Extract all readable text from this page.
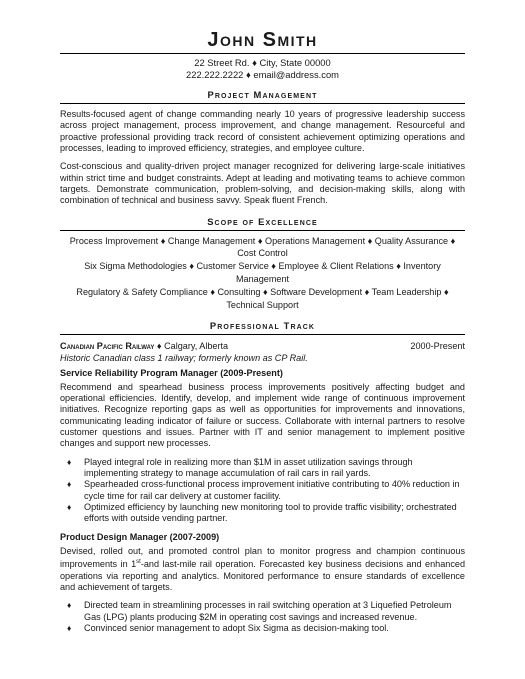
John Smith
22 Street Rd. ♦ City, State 00000
222.222.2222 ♦ email@address.com
Project Management

Results-focused agent of change commanding nearly 10 years of progressive leadership success across project management, process improvement, and change management. Resourceful and proactive professional providing track record of consistent achievement optimizing operations and processes, leading to improved efficiency, strategies, and employee culture.

Cost-conscious and quality-driven project manager recognized for delivering large-scale initiatives within strict time and budget constraints. Adept at leading and motivating teams to achieve common targets. Demonstrate communication, problem-solving, and decision-making skills, along with combination of technical and business savvy. Speak fluent French.

Scope of Excellence
Process Improvement ♦ Change Management ♦ Operations Management ♦ Quality Assurance ♦ Cost Control
Six Sigma Methodologies ♦ Customer Service ♦ Employee & Client Relations ♦ Inventory Management
Regulatory & Safety Compliance ♦ Consulting ♦ Software Development ♦ Team Leadership ♦ Technical Support
Professional Track
Canadian Pacific Railway ♦ Calgary, Alberta	2000-Present
Historic Canadian class 1 railway; formerly known as CP Rail.
Service Reliability Program Manager (2009-Present)

Recommend and spearhead business process improvements positively affecting budget and operational efficiencies. Identify, develop, and implement wide range of continuous improvement initiatives. Recognize reporting gaps as well as opportunities for improvements and innovations, communicating leading indicator of failure or success. Collaborate with internal partners to resolve customer questions and issues. Partner with IT and senior management to implement positive changes and support new processes.

♦ Played integral role in realizing more than $1M in asset utilization savings through implementing strategy to manage accumulation of rail cars in rail yards.
♦ Spearheaded cross-functional process improvement initiative contributing to 40% reduction in cycle time for rail car delivery at customer facility.
♦ Optimized efficiency by launching new monitoring tool to provide traffic visibility; orchestrated efforts with outside vending partner.
Product Design Manager (2007-2009)

Devised, rolled out, and promoted control plan to monitor progress and champion continuous improvements in 1st-and last-mile rail operation. Forecasted key business decisions and enhanced operations via reporting and analytics. Monitored performance to ensure standards of excellence and achievement of targets.

♦ Directed team in streamlining processes in rail switching operation at 3 Liquefied Petroleum Gas (LPG) plants producing $2M in operating cost savings and increased revenue.
♦ Convinced senior management to adopt Six Sigma as decision-making tool.
